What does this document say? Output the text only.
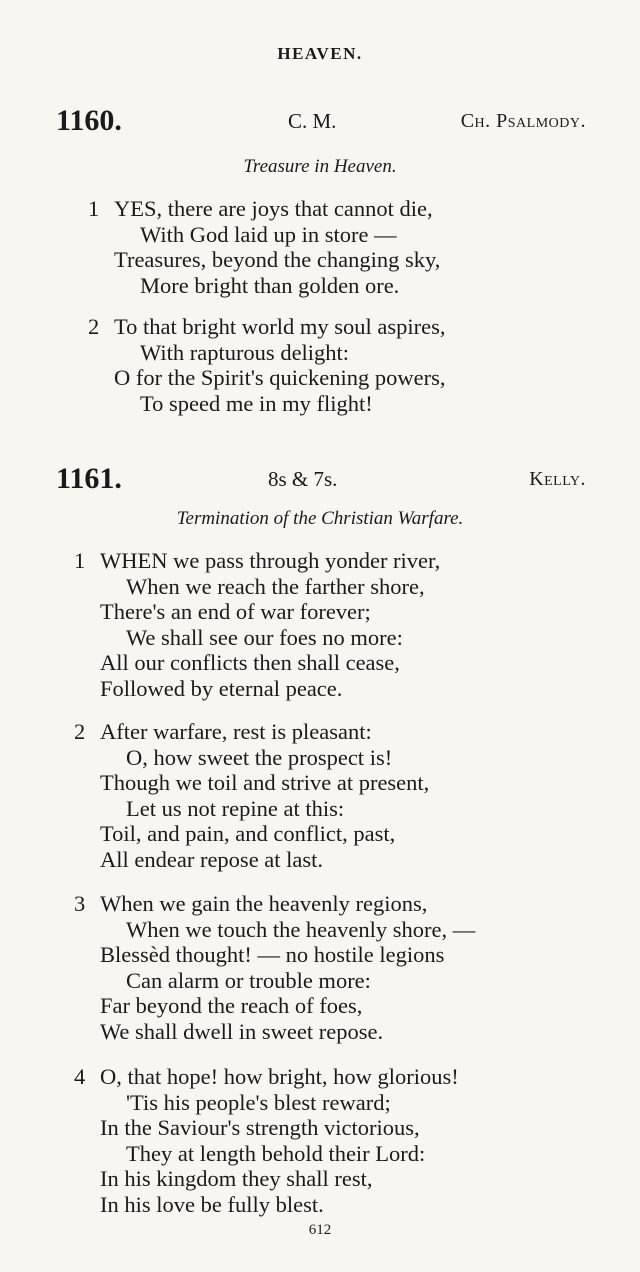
HEAVEN.
1160.	C. M.	Ch. Psalmody.
Treasure in Heaven.
1 YES, there are joys that cannot die,
With God laid up in store —
Treasures, beyond the changing sky,
More bright than golden ore.
2 To that bright world my soul aspires,
With rapturous delight:
O for the Spirit's quickening powers,
To speed me in my flight!
1161.	8s & 7s.	Kelly.
Termination of the Christian Warfare.
1 WHEN we pass through yonder river,
When we reach the farther shore,
There's an end of war forever;
We shall see our foes no more:
All our conflicts then shall cease,
Followed by eternal peace.
2 After warfare, rest is pleasant:
O, how sweet the prospect is!
Though we toil and strive at present,
Let us not repine at this:
Toil, and pain, and conflict, past,
All endear repose at last.
3 When we gain the heavenly regions,
When we touch the heavenly shore, —
Blessèd thought! — no hostile legions
Can alarm or trouble more:
Far beyond the reach of foes,
We shall dwell in sweet repose.
4 O, that hope! how bright, how glorious!
'Tis his people's blest reward;
In the Saviour's strength victorious,
They at length behold their Lord:
In his kingdom they shall rest,
In his love be fully blest.
612
